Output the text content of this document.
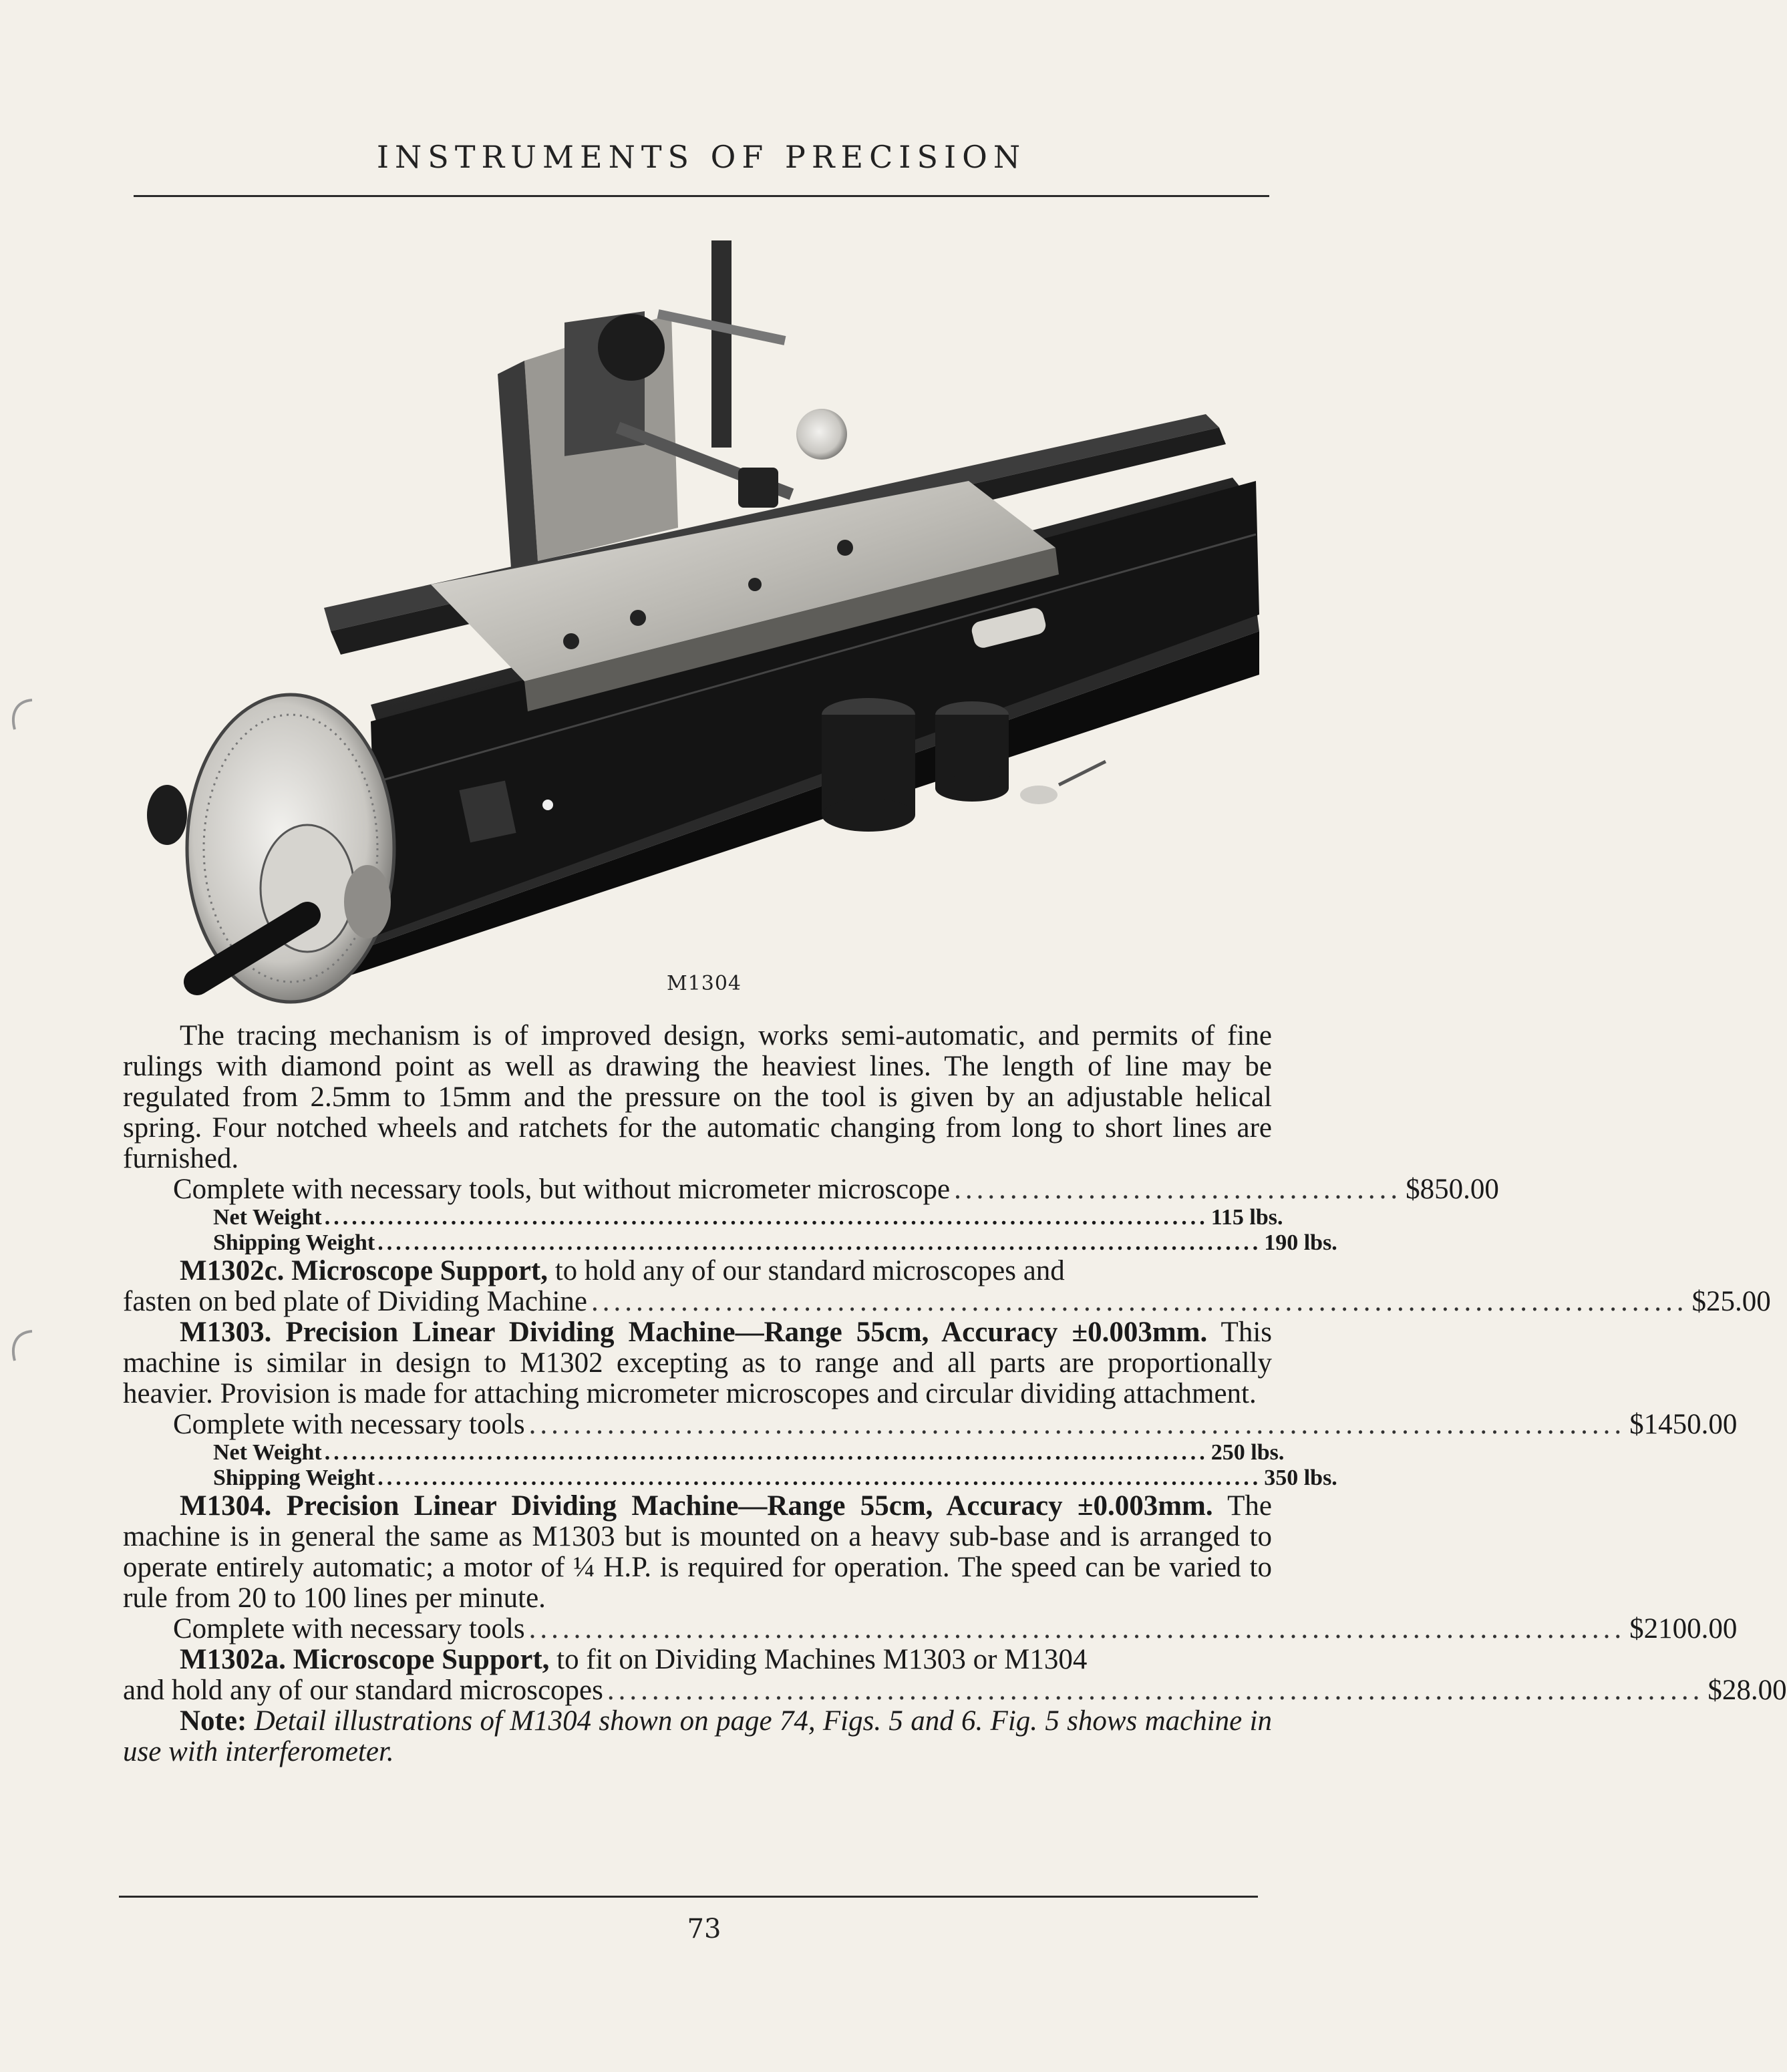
INSTRUMENTS OF PRECISION
M1304

The tracing mechanism is of improved design, works semi-automatic, and permits of fine rulings with diamond point as well as drawing the heaviest lines. The length of line may be regulated from 2.5mm to 15mm and the pressure on the tool is given by an adjustable helical spring. Four notched wheels and ratchets for the automatic changing from long to short lines are furnished.

Complete with necessary tools, but without micrometer microscope ........................................ $850.00
Net Weight .................................................................................................. 115 lbs.
Shipping Weight .................................................................................................. 190 lbs.

M1302c. Microscope Support, to hold any of our standard microscopes and

fasten on bed plate of Dividing Machine .................................................................................................. $25.00

M1303. Precision Linear Dividing Machine—Range 55cm, Accuracy ±0.003mm. This machine is similar in design to M1302 excepting as to range and all parts are proportionally heavier. Provision is made for attaching micrometer microscopes and circular dividing attachment.

Complete with necessary tools .................................................................................................. $1450.00
Net Weight .................................................................................................. 250 lbs.
Shipping Weight .................................................................................................. 350 lbs.

M1304. Precision Linear Dividing Machine—Range 55cm, Accuracy ±0.003mm. The machine is in general the same as M1303 but is mounted on a heavy sub-base and is arranged to operate entirely automatic; a motor of ¼ H.P. is required for operation. The speed can be varied to rule from 20 to 100 lines per minute.

Complete with necessary tools .................................................................................................. $2100.00

M1302a. Microscope Support, to fit on Dividing Machines M1303 or M1304

and hold any of our standard microscopes .................................................................................................. $28.00

Note: Detail illustrations of M1304 shown on page 74, Figs. 5 and 6. Fig. 5 shows machine in use with interferometer.

73
